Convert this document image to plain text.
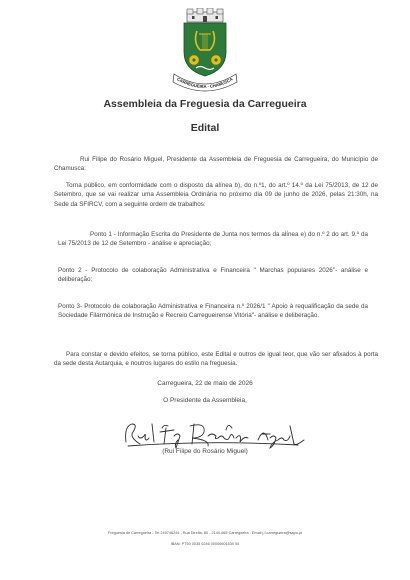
CARREGUEIRA · CHAMUSCA
Assembleia da Freguesia da Carregueira
Edital
Rui Filipe do Rosário Miguel, Presidente da Assembleia de Freguesia de Carregueira, do Município de Chamusca:
Torna público, em conformidade com o disposto da alínea b), do n.º1, do art.º 14.º da Lei 75/2013, de 12 de Setembro, que se vai realizar uma Assembleia Ordinária no próximo dia 09 de junho de 2026, pelas 21:30h, na Sede da SFIRCV, com a seguinte ordem de trabalhos:
Ponto 1 - Informação Escrita do Presidente de Junta nos termos da alínea e) do n.º 2 do art. 9.º da Lei 75/2013 de 12 de Setembro - análise e apreciação;
Ponto 2 - Protocolo de colaboração Administrativa e Financeira " Marchas populares 2026"- análise e deliberação;
Ponto 3- Protocolo de colaboração Administrativa e Financeira n.º 2026/1 " Apoio à requalificação da sede da Sociedade Filarmónica de Instrução e Recreio Carregueirense Vitória"- análise e deliberação.
Para constar e devido efeitos, se torna público, este Edital e outros de igual teor, que vão ser afixados à porta da sede desta Autarquia, e noutros lugares do estilo na freguesia.
Carregueira, 22 de maio de 2026
O Presidente da Assembleia,
(Rui Filipe do Rosário Miguel)
Freguesia de Carregueira - Tel 249746244 - Rua Direita, 80 - 2140-665 Carregueira - Email j.f.carregueira@sapo.pt
IBAN: PT50 0035 0246 00006601530 54
